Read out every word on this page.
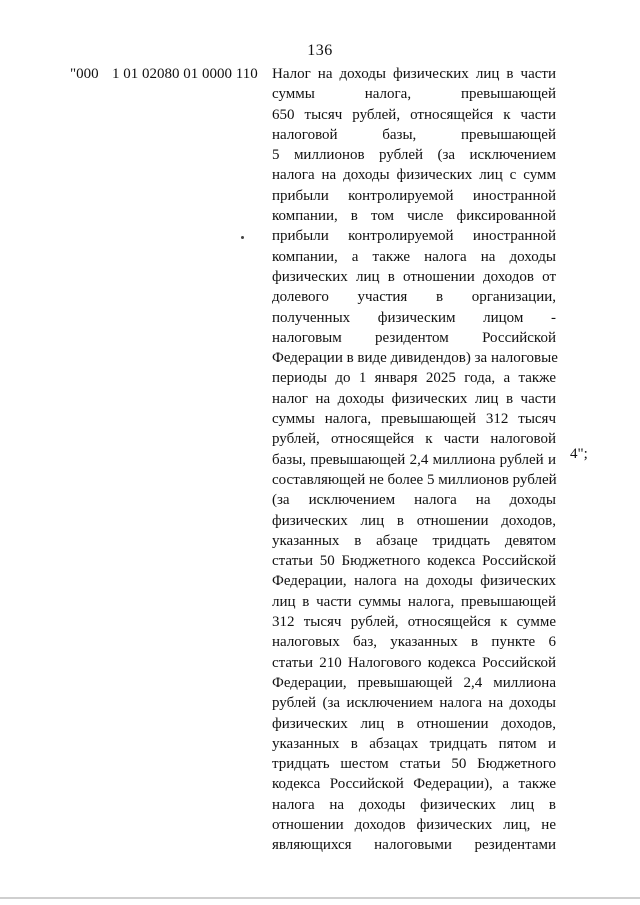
136
"000 1 01 02080 01 0000 110 Налог на доходы физических лиц в части
суммы налога, превышающей
650 тысяч рублей, относящейся к части
налоговой базы, превышающей
5 миллионов рублей (за исключением
налога на доходы физических лиц с сумм
прибыли контролируемой иностранной
компании, в том числе фиксированной
прибыли контролируемой иностранной
компании, а также налога на доходы
физических лиц в отношении доходов от
долевого участия в организации,
полученных физическим лицом -
налоговым резидентом Российской
Федерации в виде дивидендов) за налоговые
периоды до 1 января 2025 года, а также
налог на доходы физических лиц в части
суммы налога, превышающей 312 тысяч
рублей, относящейся к части налоговой
базы, превышающей 2,4 миллиона рублей и
составляющей не более 5 миллионов рублей
(за исключением налога на доходы
физических лиц в отношении доходов,
указанных в абзаце тридцать девятом
статьи 50 Бюджетного кодекса Российской
Федерации, налога на доходы физических
лиц в части суммы налога, превышающей
312 тысяч рублей, относящейся к сумме
налоговых баз, указанных в пункте 6
статьи 210 Налогового кодекса Российской
Федерации, превышающей 2,4 миллиона
рублей (за исключением налога на доходы
физических лиц в отношении доходов,
указанных в абзацах тридцать пятом и
тридцать шестом статьи 50 Бюджетного
кодекса Российской Федерации), а также
налога на доходы физических лиц в
отношении доходов физических лиц, не
являющихся налоговыми резидентами
4";
